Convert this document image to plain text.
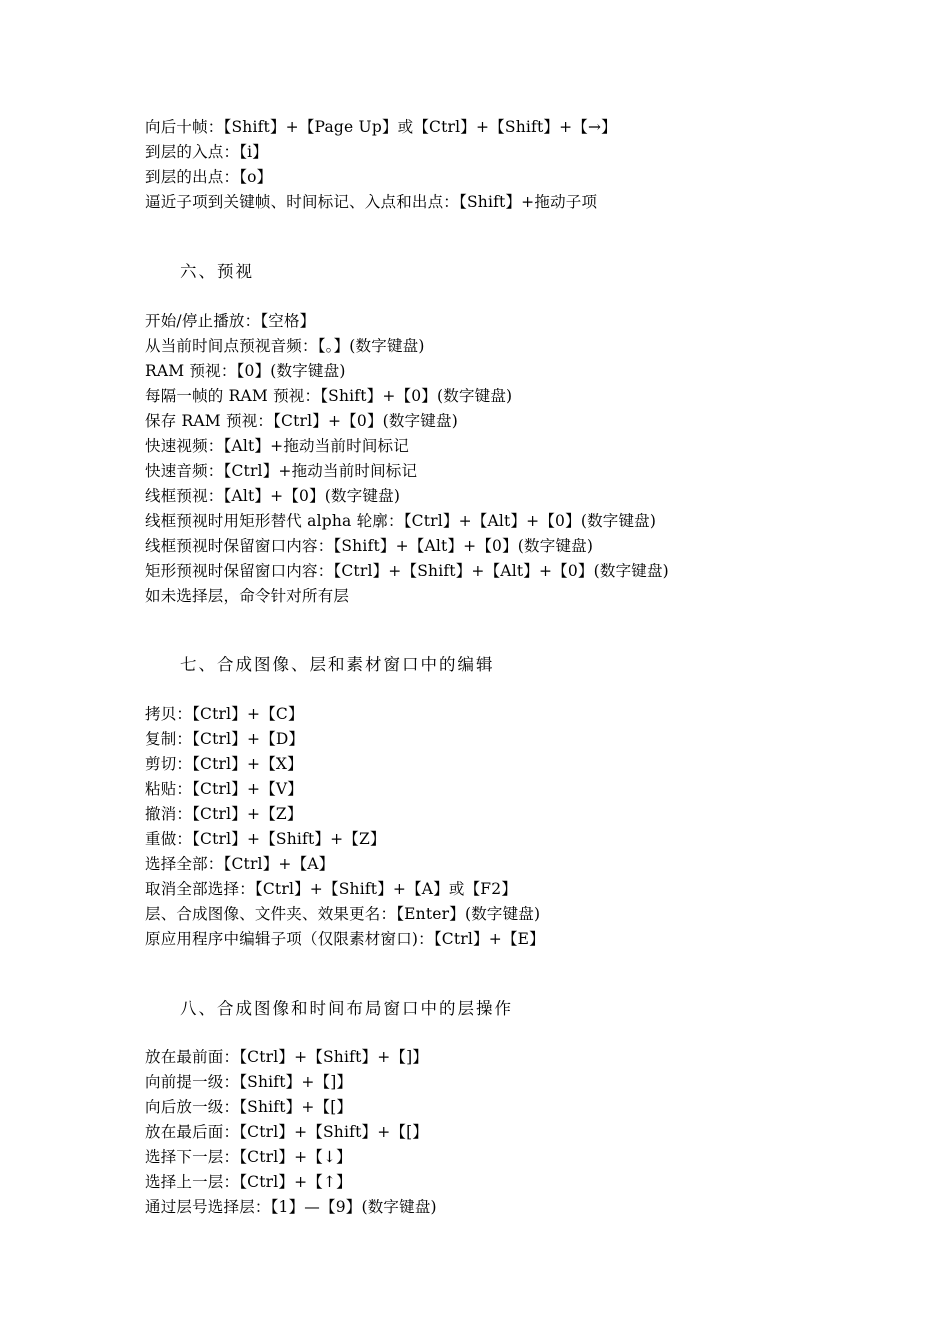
向后十帧：【Shift】+【Page Up】或【Ctrl】+【Shift】+【→】
到层的入点：【i】
到层的出点：【o】
逼近子项到关键帧、时间标记、入点和出点：【Shift】+拖动子项
六、预视
开始/停止播放：【空格】
从当前时间点预视音频：【。】(数字键盘)
RAM 预视：【0】(数字键盘)
每隔一帧的 RAM 预视：【Shift】+【0】(数字键盘)
保存 RAM 预视：【Ctrl】+【0】(数字键盘)
快速视频：【Alt】+拖动当前时间标记
快速音频：【Ctrl】+拖动当前时间标记
线框预视：【Alt】+【0】(数字键盘)
线框预视时用矩形替代 alpha 轮廓：【Ctrl】+【Alt】+【0】(数字键盘)
线框预视时保留窗口内容：【Shift】+【Alt】+【0】(数字键盘)
矩形预视时保留窗口内容：【Ctrl】+【Shift】+【Alt】+【0】(数字键盘)
如未选择层，命令针对所有层
七、合成图像、层和素材窗口中的编辑
拷贝：【Ctrl】+【C】
复制：【Ctrl】+【D】
剪切：【Ctrl】+【X】
粘贴：【Ctrl】+【V】
撤消：【Ctrl】+【Z】
重做：【Ctrl】+【Shift】+【Z】
选择全部：【Ctrl】+【A】
取消全部选择：【Ctrl】+【Shift】+【A】或【F2】
层、合成图像、文件夹、效果更名：【Enter】(数字键盘)
原应用程序中编辑子项（仅限素材窗口)：【Ctrl】+【E】
八、合成图像和时间布局窗口中的层操作
放在最前面：【Ctrl】+【Shift】+【]】
向前提一级：【Shift】+【]】
向后放一级：【Shift】+【[】
放在最后面：【Ctrl】+【Shift】+【[】
选择下一层：【Ctrl】+【↓】
选择上一层：【Ctrl】+【↑】
通过层号选择层：【1】—【9】(数字键盘)
